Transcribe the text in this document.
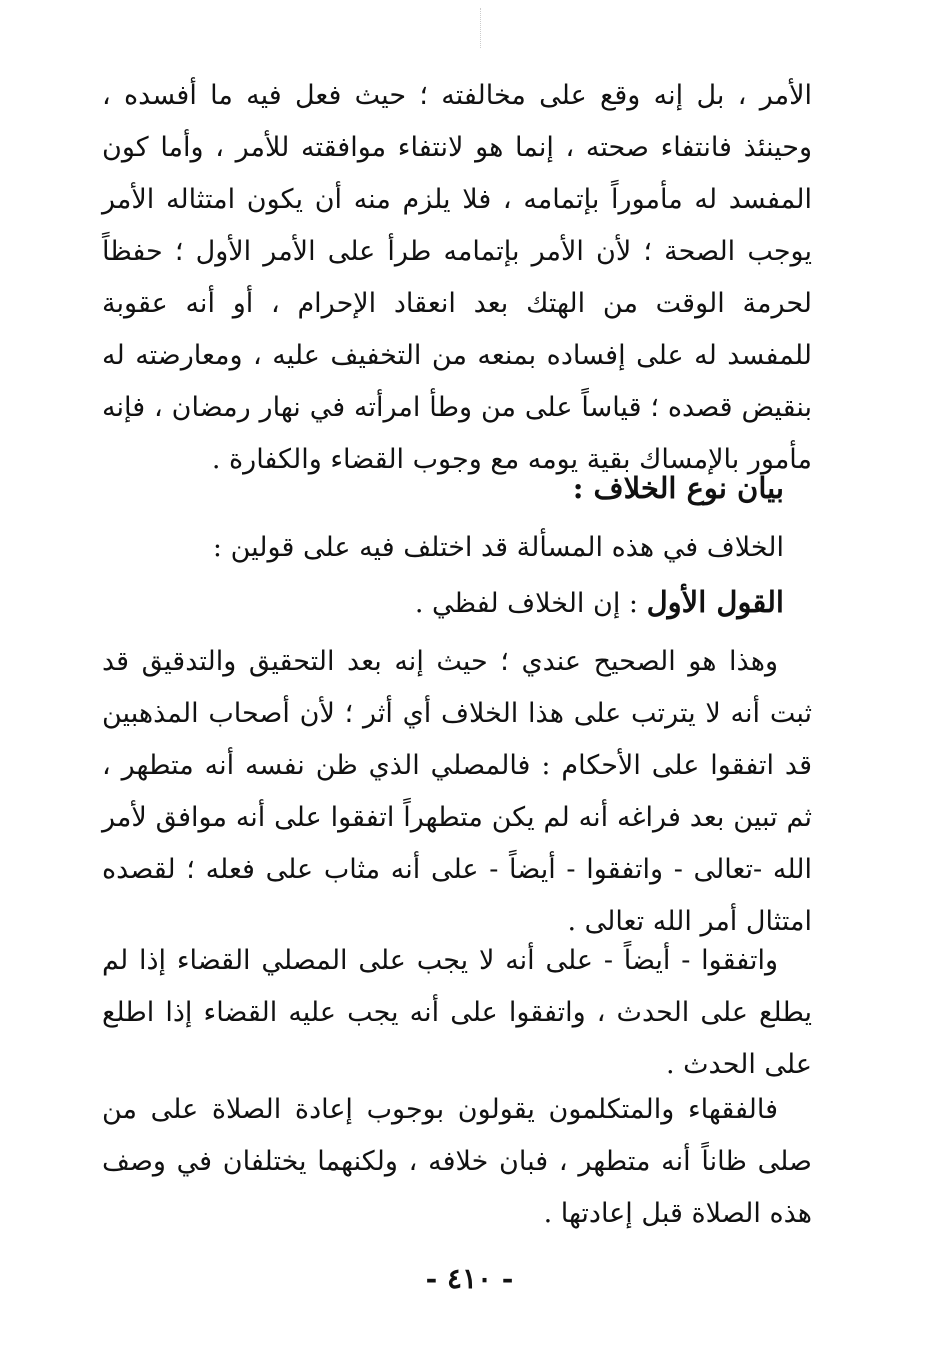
الأمر ، بل إنه وقع على مخالفته ؛ حيث فعل فيه ما أفسده ، وحينئذ فانتفاء صحته ، إنما هو لانتفاء موافقته للأمر ، وأما كون المفسد له مأموراً بإتمامه ، فلا يلزم منه أن يكون امتثاله الأمر يوجب الصحة ؛ لأن الأمر بإتمامه طرأ على الأمر الأول ؛ حفظاً لحرمة الوقت من الهتك بعد انعقاد الإحرام ، أو أنه عقوبة للمفسد له على إفساده بمنعه من التخفيف عليه ، ومعارضته له بنقيض قصده ؛ قياساً على من وطأ امرأته في نهار رمضان ، فإنه مأمور بالإمساك بقية يومه مع وجوب القضاء والكفارة .

بيان نوع الخلاف :

الخلاف في هذه المسألة قد اختلف فيه على قولين :

القول الأول : إن الخلاف لفظي .

وهذا هو الصحيح عندي ؛ حيث إنه بعد التحقيق والتدقيق قد ثبت أنه لا يترتب على هذا الخلاف أي أثر ؛ لأن أصحاب المذهبين قد اتفقوا على الأحكام : فالمصلي الذي ظن نفسه أنه متطهر ، ثم تبين بعد فراغه أنه لم يكن متطهراً اتفقوا على أنه موافق لأمر الله -تعالى - واتفقوا - أيضاً - على أنه مثاب على فعله ؛ لقصده امتثال أمر الله تعالى .

واتفقوا - أيضاً - على أنه لا يجب على المصلي القضاء إذا لم يطلع على الحدث ، واتفقوا على أنه يجب عليه القضاء إذا اطلع على الحدث .

فالفقهاء والمتكلمون يقولون بوجوب إعادة الصلاة على من صلى ظاناً أنه متطهر ، فبان خلافه ، ولكنهما يختلفان في وصف هذه الصلاة قبل إعادتها .

- ٤١٠ -
